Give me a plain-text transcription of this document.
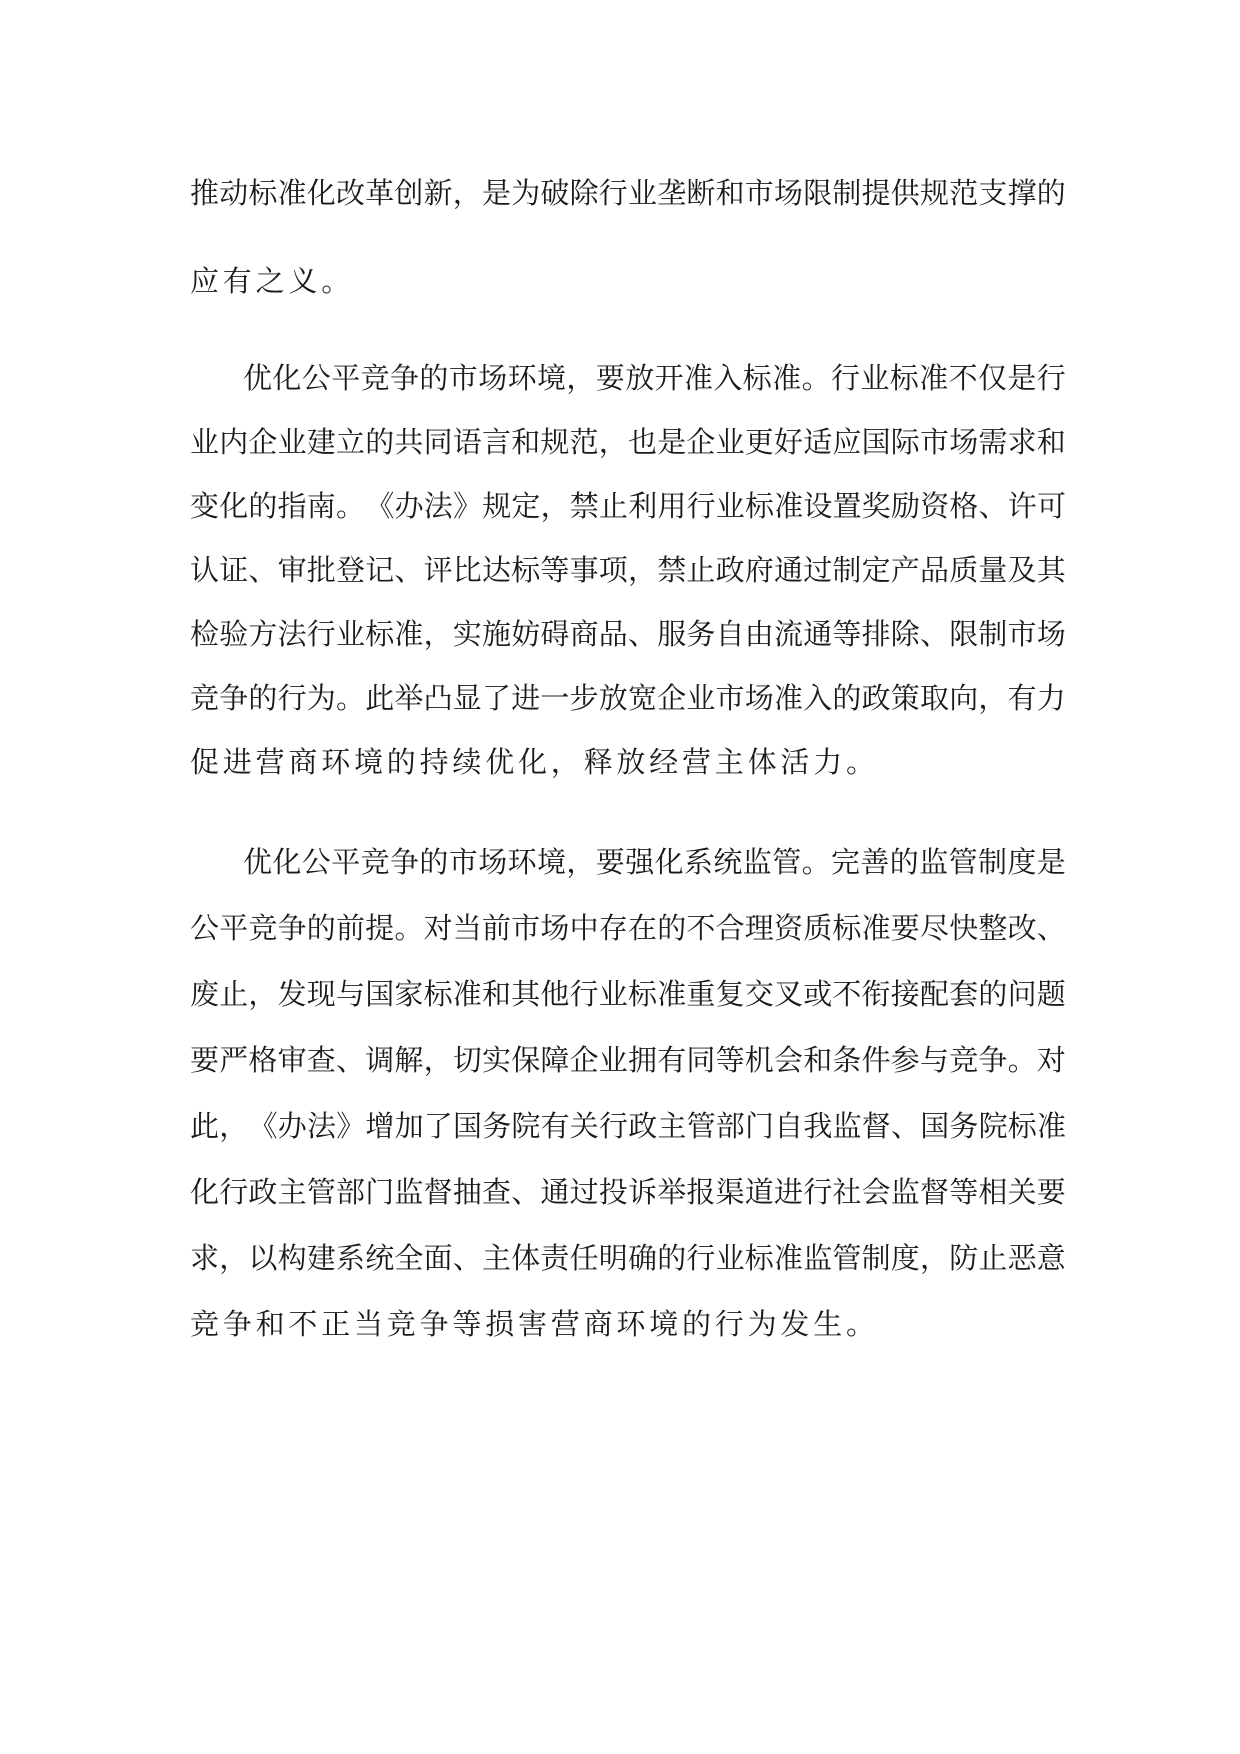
推动标准化改革创新，是为破除行业垄断和市场限制提供规范支撑的
应有之义。
优化公平竞争的市场环境，要放开准入标准。行业标准不仅是行
业内企业建立的共同语言和规范，也是企业更好适应国际市场需求和
变化的指南。　《办法》规定，禁止利用行业标准设置奖励资格、许可
认证、审批登记、评比达标等事项，禁止政府通过制定产品质量及其
检验方法行业标准，实施妨碍商品、服务自由流通等排除、限制市场
竞争的行为。此举凸显了进一步放宽企业市场准入的政策取向，有力
促进营商环境的持续优化，释放经营主体活力。
优化公平竞争的市场环境，要强化系统监管。完善的监管制度是
公平竞争的前提。对当前市场中存在的不合理资质标准要尽快整改、
废止，发现与国家标准和其他行业标准重复交叉或不衔接配套的问题
要严格审查、调解，切实保障企业拥有同等机会和条件参与竞争。对
此，　《办法》增加了国务院有关行政主管部门自我监督、国务院标准
化行政主管部门监督抽查、通过投诉举报渠道进行社会监督等相关要
求，以构建系统全面、主体责任明确的行业标准监管制度，防止恶意
竞争和不正当竞争等损害营商环境的行为发生。
